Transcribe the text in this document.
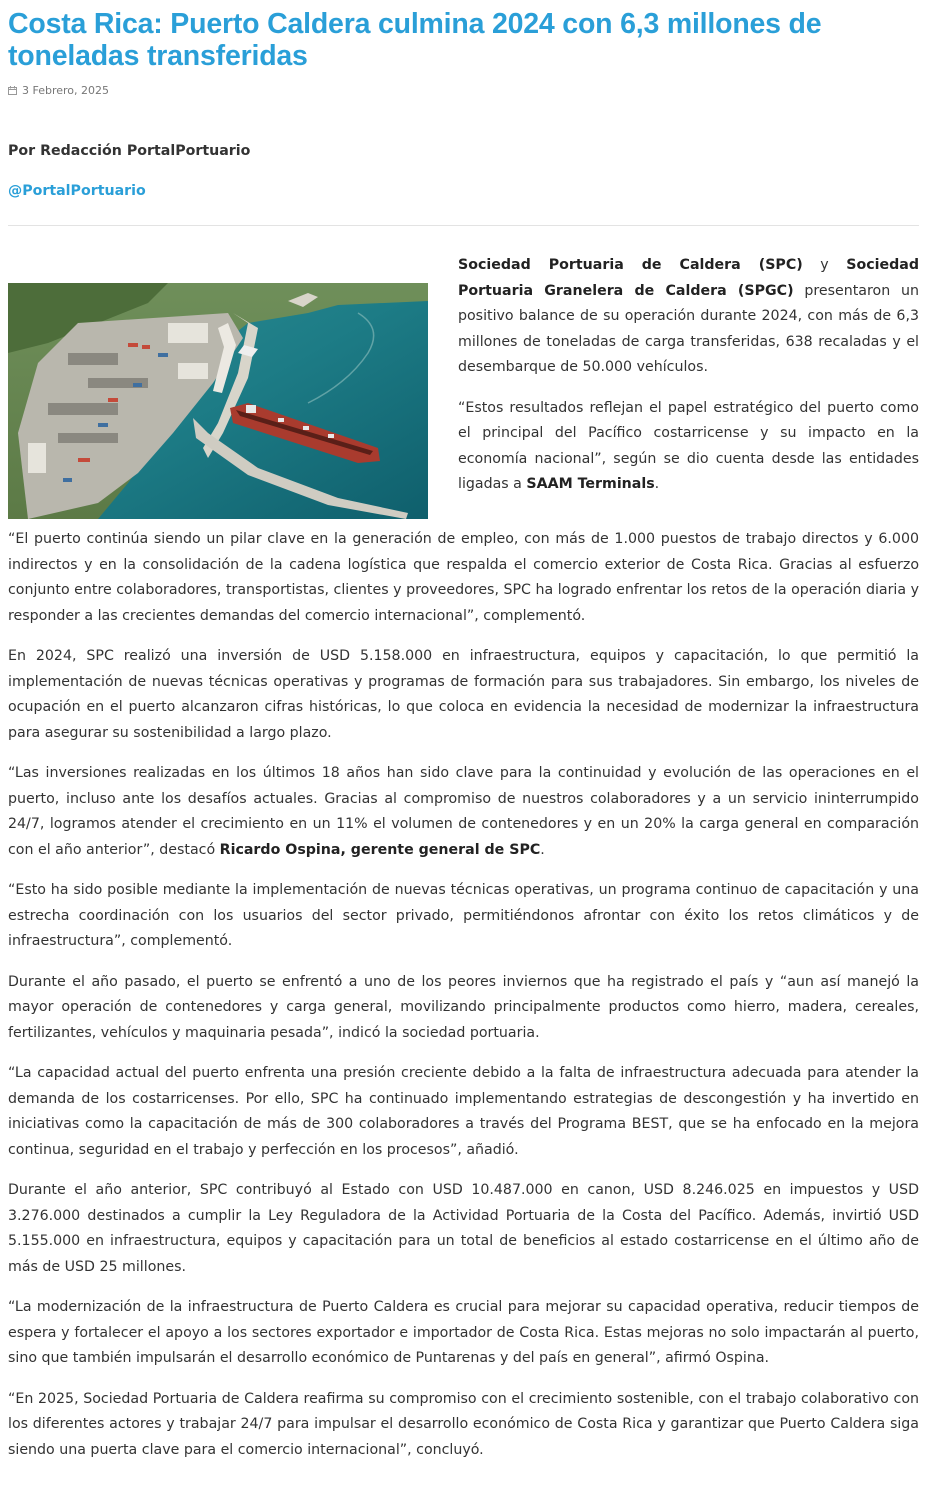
Costa Rica: Puerto Caldera culmina 2024 con 6,3 millones de toneladas transferidas
3 Febrero, 2025
Por Redacción PortalPortuario
@PortalPortuario

Sociedad Portuaria de Caldera (SPC) y Sociedad Portuaria Granelera de Caldera (SPGC) presentaron un positivo balance de su operación durante 2024, con más de 6,3 millones de toneladas de carga transferidas, 638 recaladas y el desembarque de 50.000 vehículos.

“Estos resultados reflejan el papel estratégico del puerto como el principal del Pacífico costarricense y su impacto en la economía nacional”, según se dio cuenta desde las entidades ligadas a SAAM Terminals.

“El puerto continúa siendo un pilar clave en la generación de empleo, con más de 1.000 puestos de trabajo directos y 6.000 indirectos y en la consolidación de la cadena logística que respalda el comercio exterior de Costa Rica. Gracias al esfuerzo conjunto entre colaboradores, transportistas, clientes y proveedores, SPC ha logrado enfrentar los retos de la operación diaria y responder a las crecientes demandas del comercio internacional”, complementó.

En 2024, SPC realizó una inversión de USD 5.158.000 en infraestructura, equipos y capacitación, lo que permitió la implementación de nuevas técnicas operativas y programas de formación para sus trabajadores. Sin embargo, los niveles de ocupación en el puerto alcanzaron cifras históricas, lo que coloca en evidencia la necesidad de modernizar la infraestructura para asegurar su sostenibilidad a largo plazo.

“Las inversiones realizadas en los últimos 18 años han sido clave para la continuidad y evolución de las operaciones en el puerto, incluso ante los desafíos actuales. Gracias al compromiso de nuestros colaboradores y a un servicio ininterrumpido 24/7, logramos atender el crecimiento en un 11% el volumen de contenedores y en un 20% la carga general en comparación con el año anterior”, destacó Ricardo Ospina, gerente general de SPC.

“Esto ha sido posible mediante la implementación de nuevas técnicas operativas, un programa continuo de capacitación y una estrecha coordinación con los usuarios del sector privado, permitiéndonos afrontar con éxito los retos climáticos y de infraestructura”, complementó.

Durante el año pasado, el puerto se enfrentó a uno de los peores inviernos que ha registrado el país y “aun así manejó la mayor operación de contenedores y carga general, movilizando principalmente productos como hierro, madera, cereales, fertilizantes, vehículos y maquinaria pesada”, indicó la sociedad portuaria.

“La capacidad actual del puerto enfrenta una presión creciente debido a la falta de infraestructura adecuada para atender la demanda de los costarricenses. Por ello, SPC ha continuado implementando estrategias de descongestión y ha invertido en iniciativas como la capacitación de más de 300 colaboradores a través del Programa BEST, que se ha enfocado en la mejora continua, seguridad en el trabajo y perfección en los procesos”, añadió.

Durante el año anterior, SPC contribuyó al Estado con USD 10.487.000 en canon, USD 8.246.025 en impuestos y USD 3.276.000 destinados a cumplir la Ley Reguladora de la Actividad Portuaria de la Costa del Pacífico. Además, invirtió USD 5.155.000 en infraestructura, equipos y capacitación para un total de beneficios al estado costarricense en el último año de más de USD 25 millones.

“La modernización de la infraestructura de Puerto Caldera es crucial para mejorar su capacidad operativa, reducir tiempos de espera y fortalecer el apoyo a los sectores exportador e importador de Costa Rica. Estas mejoras no solo impactarán al puerto, sino que también impulsarán el desarrollo económico de Puntarenas y del país en general”, afirmó Ospina.

“En 2025, Sociedad Portuaria de Caldera reafirma su compromiso con el crecimiento sostenible, con el trabajo colaborativo con los diferentes actores y trabajar 24/7 para impulsar el desarrollo económico de Costa Rica y garantizar que Puerto Caldera siga siendo una puerta clave para el comercio internacional”, concluyó.
